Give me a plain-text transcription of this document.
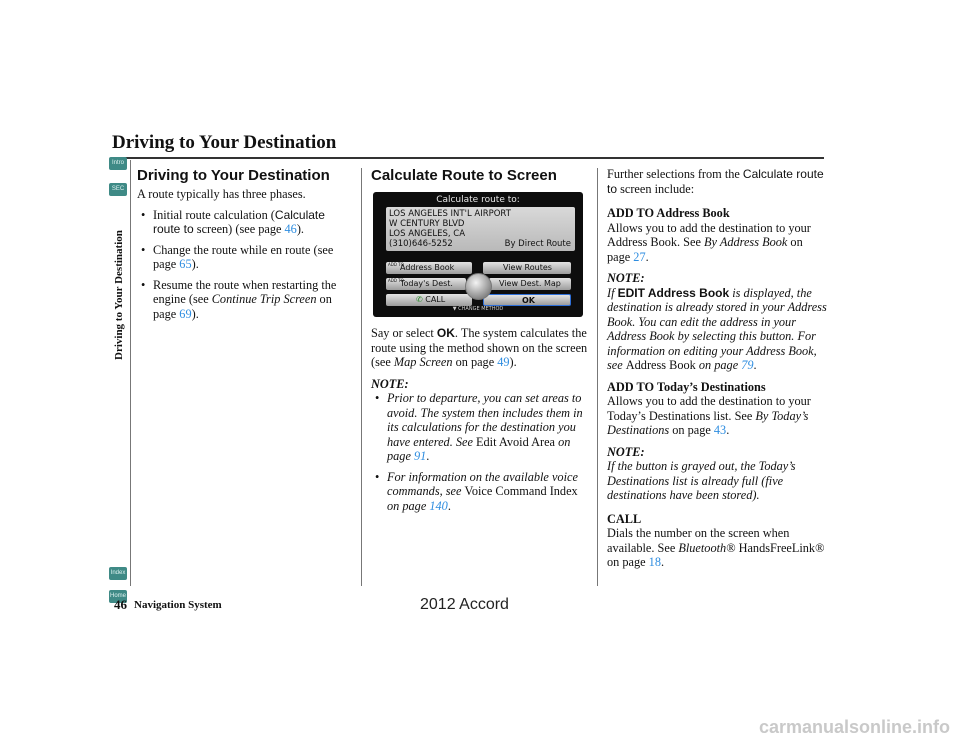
Driving to Your Destination
Intro
SEC
Index
Home
Driving to Your Destination
Driving to Your Destination
A route typically has three phases.
• Initial route calculation (Calculate route to screen) (see page 46).
• Change the route while en route (see page 65).
• Resume the route when restarting the engine (see Continue Trip Screen on page 69).
Calculate Route to Screen
Calculate route to:
LOS ANGELES INT'L AIRPORT
W CENTURY BLVD
LOS ANGELES, CA
(310)646-5252	By Direct Route
ADD TO
Address Book
ADD TO
Today's Dest.
✆ CALL
View Routes
View Dest. Map
OK
▼ CHANGE METHOD
Say or select OK. The system calculates the route using the method shown on the screen (see Map Screen on page 49).
NOTE:
• Prior to departure, you can set areas to avoid. The system then includes them in its calculations for the destination you have entered. See Edit Avoid Area on page 91.
• For information on the available voice commands, see Voice Command Index on page 140.
Further selections from the Calculate route to screen include:
ADD TO Address Book
Allows you to add the destination to your Address Book. See By Address Book on page 27.
NOTE:
If EDIT Address Book is displayed, the destination is already stored in your Address Book. You can edit the address in your Address Book by selecting this button. For information on editing your Address Book, see Address Book on page 79.
ADD TO Today’s Destinations
Allows you to add the destination to your Today’s Destinations list. See By Today’s Destinations on page 43.
NOTE:
If the button is grayed out, the Today’s Destinations list is already full (five destinations have been stored).
CALL
Dials the number on the screen when available. See Bluetooth® HandsFreeLink® on page 18.
46 Navigation System	2012 Accord
carmanualsonline.info
